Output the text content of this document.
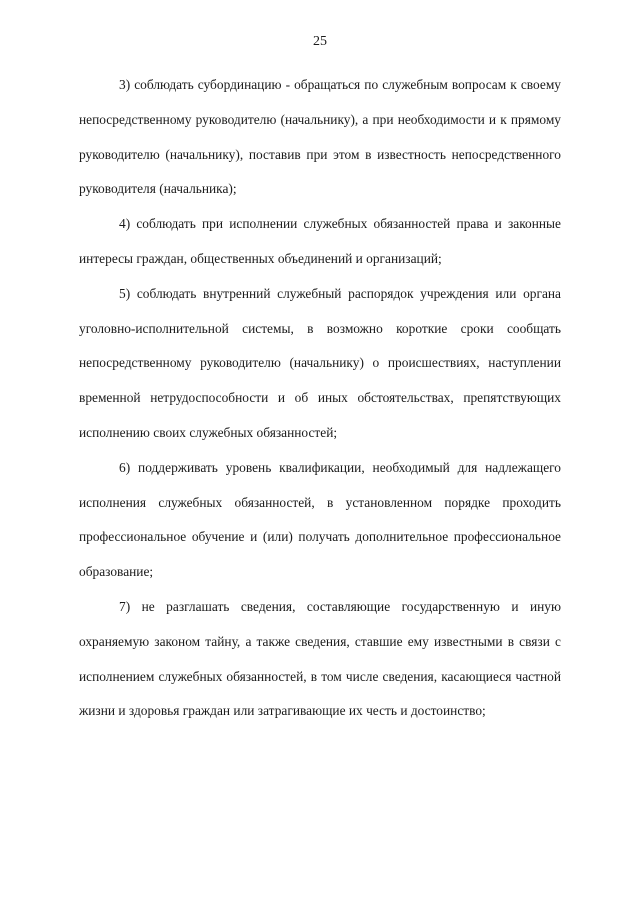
25

3) соблюдать субординацию - обращаться по служебным вопросам к своему непосредственному руководителю (начальнику), а при необходимости и к прямому руководителю (начальнику), поставив при этом в известность непосредственного руководителя (начальника);

4) соблюдать при исполнении служебных обязанностей права и законные интересы граждан, общественных объединений и организаций;

5) соблюдать внутренний служебный распорядок учреждения или органа уголовно-исполнительной системы, в возможно короткие сроки сообщать непосредственному руководителю (начальнику) о происшествиях, наступлении временной нетрудоспособности и об иных обстоятельствах, препятствующих исполнению своих служебных обязанностей;

6) поддерживать уровень квалификации, необходимый для надлежащего исполнения служебных обязанностей, в установленном порядке проходить профессиональное обучение и (или) получать дополнительное профессиональное образование;

7) не разглашать сведения, составляющие государственную и иную охраняемую законом тайну, а также сведения, ставшие ему известными в связи с исполнением служебных обязанностей, в том числе сведения, касающиеся частной жизни и здоровья граждан или затрагивающие их честь и достоинство;
